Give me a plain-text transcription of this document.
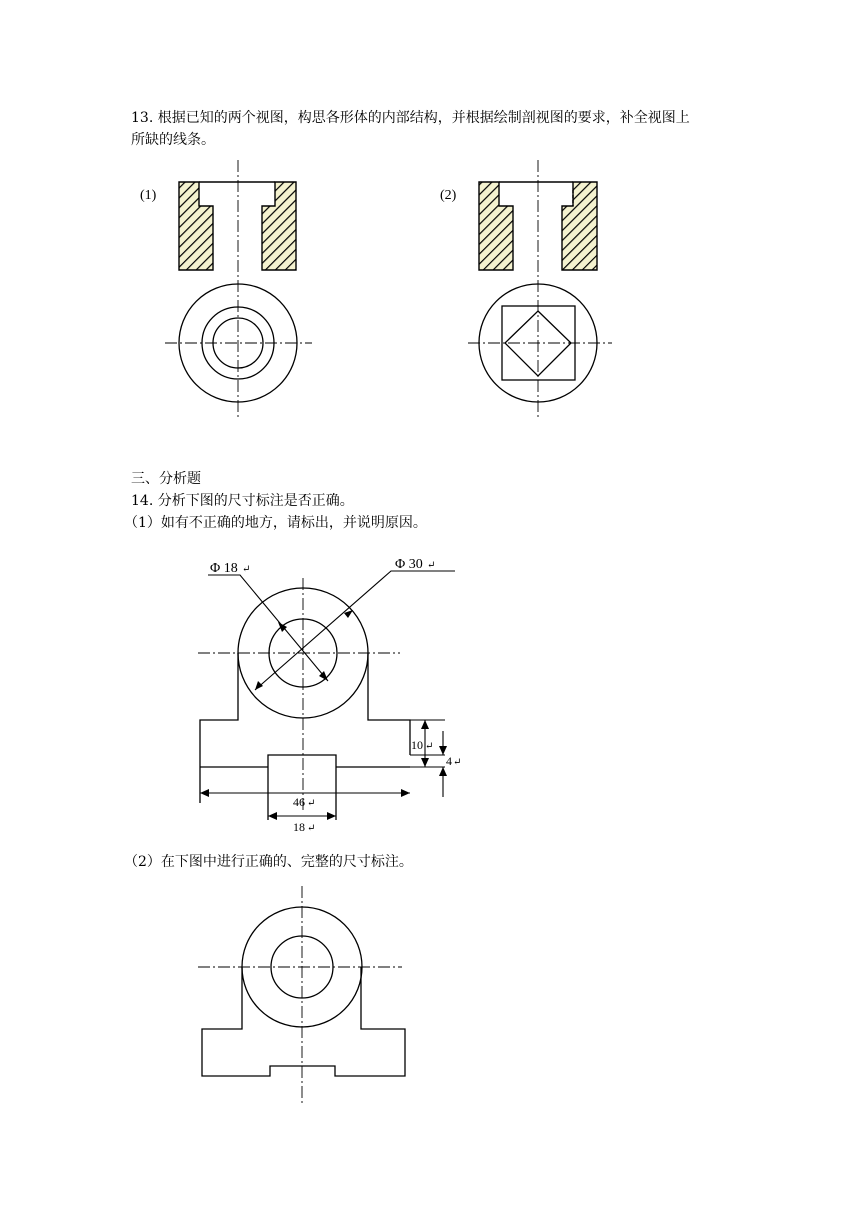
13. 根据已知的两个视图，构思各形体的内部结构，并根据绘制剖视图的要求，补全视图上
所缺的线条。
(1)	(2)
Φ 18 ↵	Φ 30 ↵
10 ↵
4 ↵
46 ↵
18 ↵
三、分析题
14. 分析下图的尺寸标注是否正确。
（1）如有不正确的地方，请标出，并说明原因。
（2）在下图中进行正确的、完整的尺寸标注。
